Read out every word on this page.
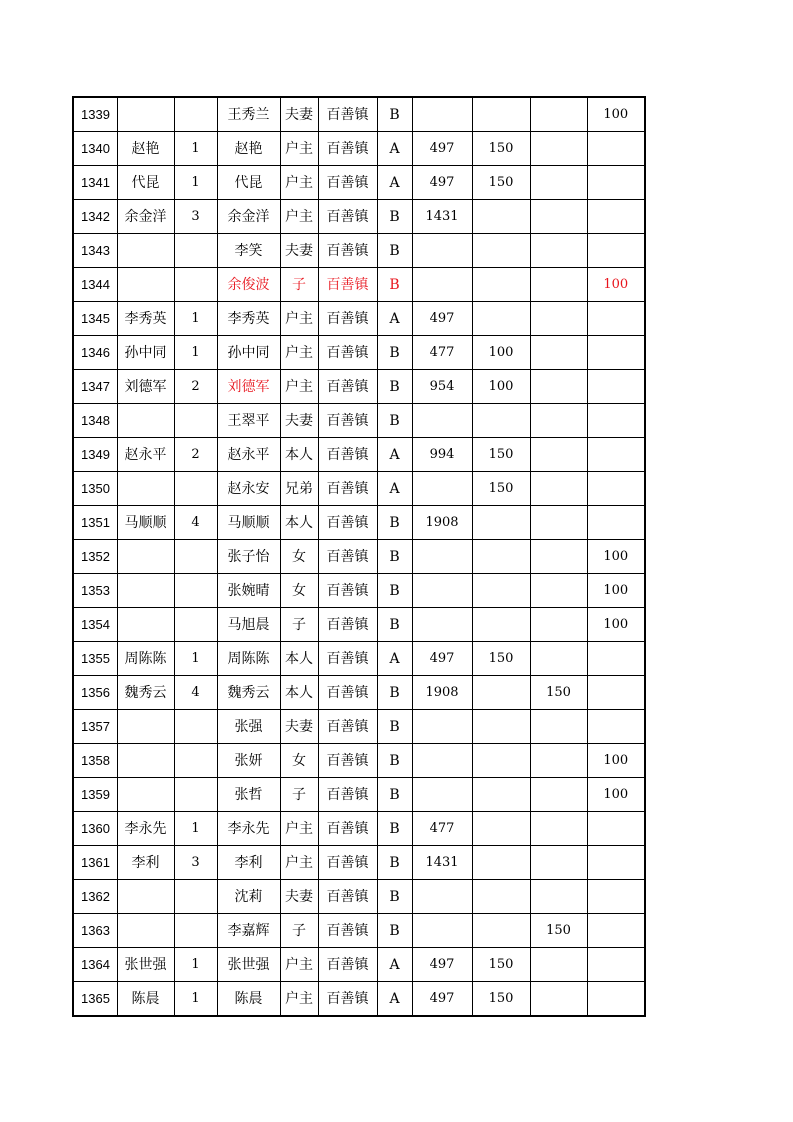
1339			王秀兰	夫妻	百善镇	B				100
1340	赵艳	1	赵艳	户主	百善镇	A	497	150		
1341	代昆	1	代昆	户主	百善镇	A	497	150		
1342	余金洋	3	余金洋	户主	百善镇	B	1431			
1343			李笑	夫妻	百善镇	B				
1344			余俊波	子	百善镇	B				100
1345	李秀英	1	李秀英	户主	百善镇	A	497			
1346	孙中同	1	孙中同	户主	百善镇	B	477	100		
1347	刘德军	2	刘德军	户主	百善镇	B	954	100		
1348			王翠平	夫妻	百善镇	B				
1349	赵永平	2	赵永平	本人	百善镇	A	994	150		
1350			赵永安	兄弟	百善镇	A		150		
1351	马顺顺	4	马顺顺	本人	百善镇	B	1908			
1352			张子怡	女	百善镇	B				100
1353			张婉晴	女	百善镇	B				100
1354			马旭晨	子	百善镇	B				100
1355	周陈陈	1	周陈陈	本人	百善镇	A	497	150		
1356	魏秀云	4	魏秀云	本人	百善镇	B	1908		150	
1357			张强	夫妻	百善镇	B				
1358			张妍	女	百善镇	B				100
1359			张哲	子	百善镇	B				100
1360	李永先	1	李永先	户主	百善镇	B	477			
1361	李利	3	李利	户主	百善镇	B	1431			
1362			沈莉	夫妻	百善镇	B				
1363			李嘉辉	子	百善镇	B			150	
1364	张世强	1	张世强	户主	百善镇	A	497	150		
1365	陈晨	1	陈晨	户主	百善镇	A	497	150		
